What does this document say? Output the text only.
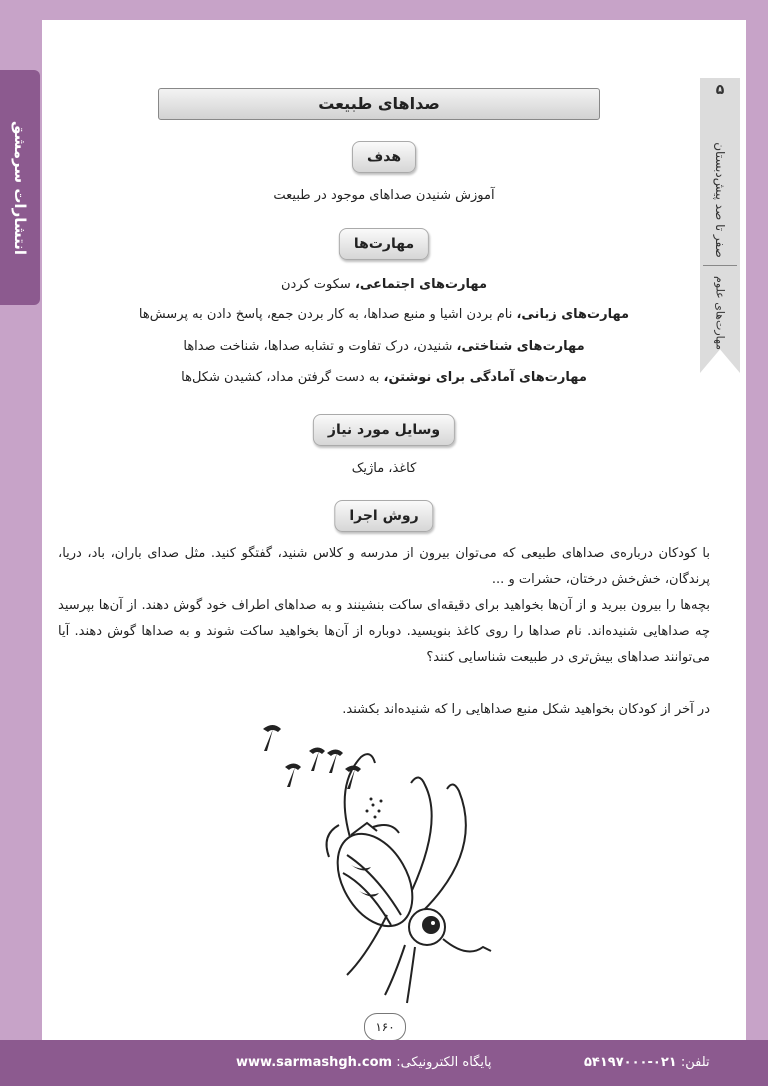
انتشارات سرمشق
۵
صفر تا صد پیش‌دبستان
مهارت‌های علوم
صداهای طبیعت
هدف
آموزش شنیدن صداهای موجود در طبیعت
مهارت‌ها
مهارت‌های اجتماعی، سکوت کردن
مهارت‌های زبانی، نام بردن اشیا و منبع صداها، به کار بردن جمع، پاسخ دادن به پرسش‌ها
مهارت‌های شناختی، شنیدن، درک تفاوت و تشابه صداها، شناخت صداها
مهارت‌های آمادگی برای نوشتن، به دست گرفتن مداد، کشیدن شکل‌ها
وسایل مورد نیاز
کاغذ، ماژیک
روش اجرا
با کودکان درباره‌ی صداهای طبیعی که می‌توان بیرون از مدرسه و کلاس شنید، گفتگو کنید. مثل صدای باران، باد، دریا، پرندگان، خش‌خش درختان، حشرات و ...
بچه‌ها را بیرون ببرید و از آن‌ها بخواهید برای دقیقه‌ای ساکت بنشینند و به صداهای اطراف خود گوش دهند. از آن‌ها بپرسید چه صداهایی شنیده‌اند. نام صداها را روی کاغذ بنویسید. دوباره از آن‌ها بخواهید ساکت شوند و به صداها گوش دهند. آیا می‌توانند صداهای بیش‌تری در طبیعت شناسایی کنند؟
در آخر از کودکان بخواهید شکل منبع صداهایی را که شنیده‌اند بکشند.
۱۶۰
پایگاه الکترونیکی: www.sarmashgh.com	تلفن: ۰۲۱-۵۴۱۹۷۰۰۰
